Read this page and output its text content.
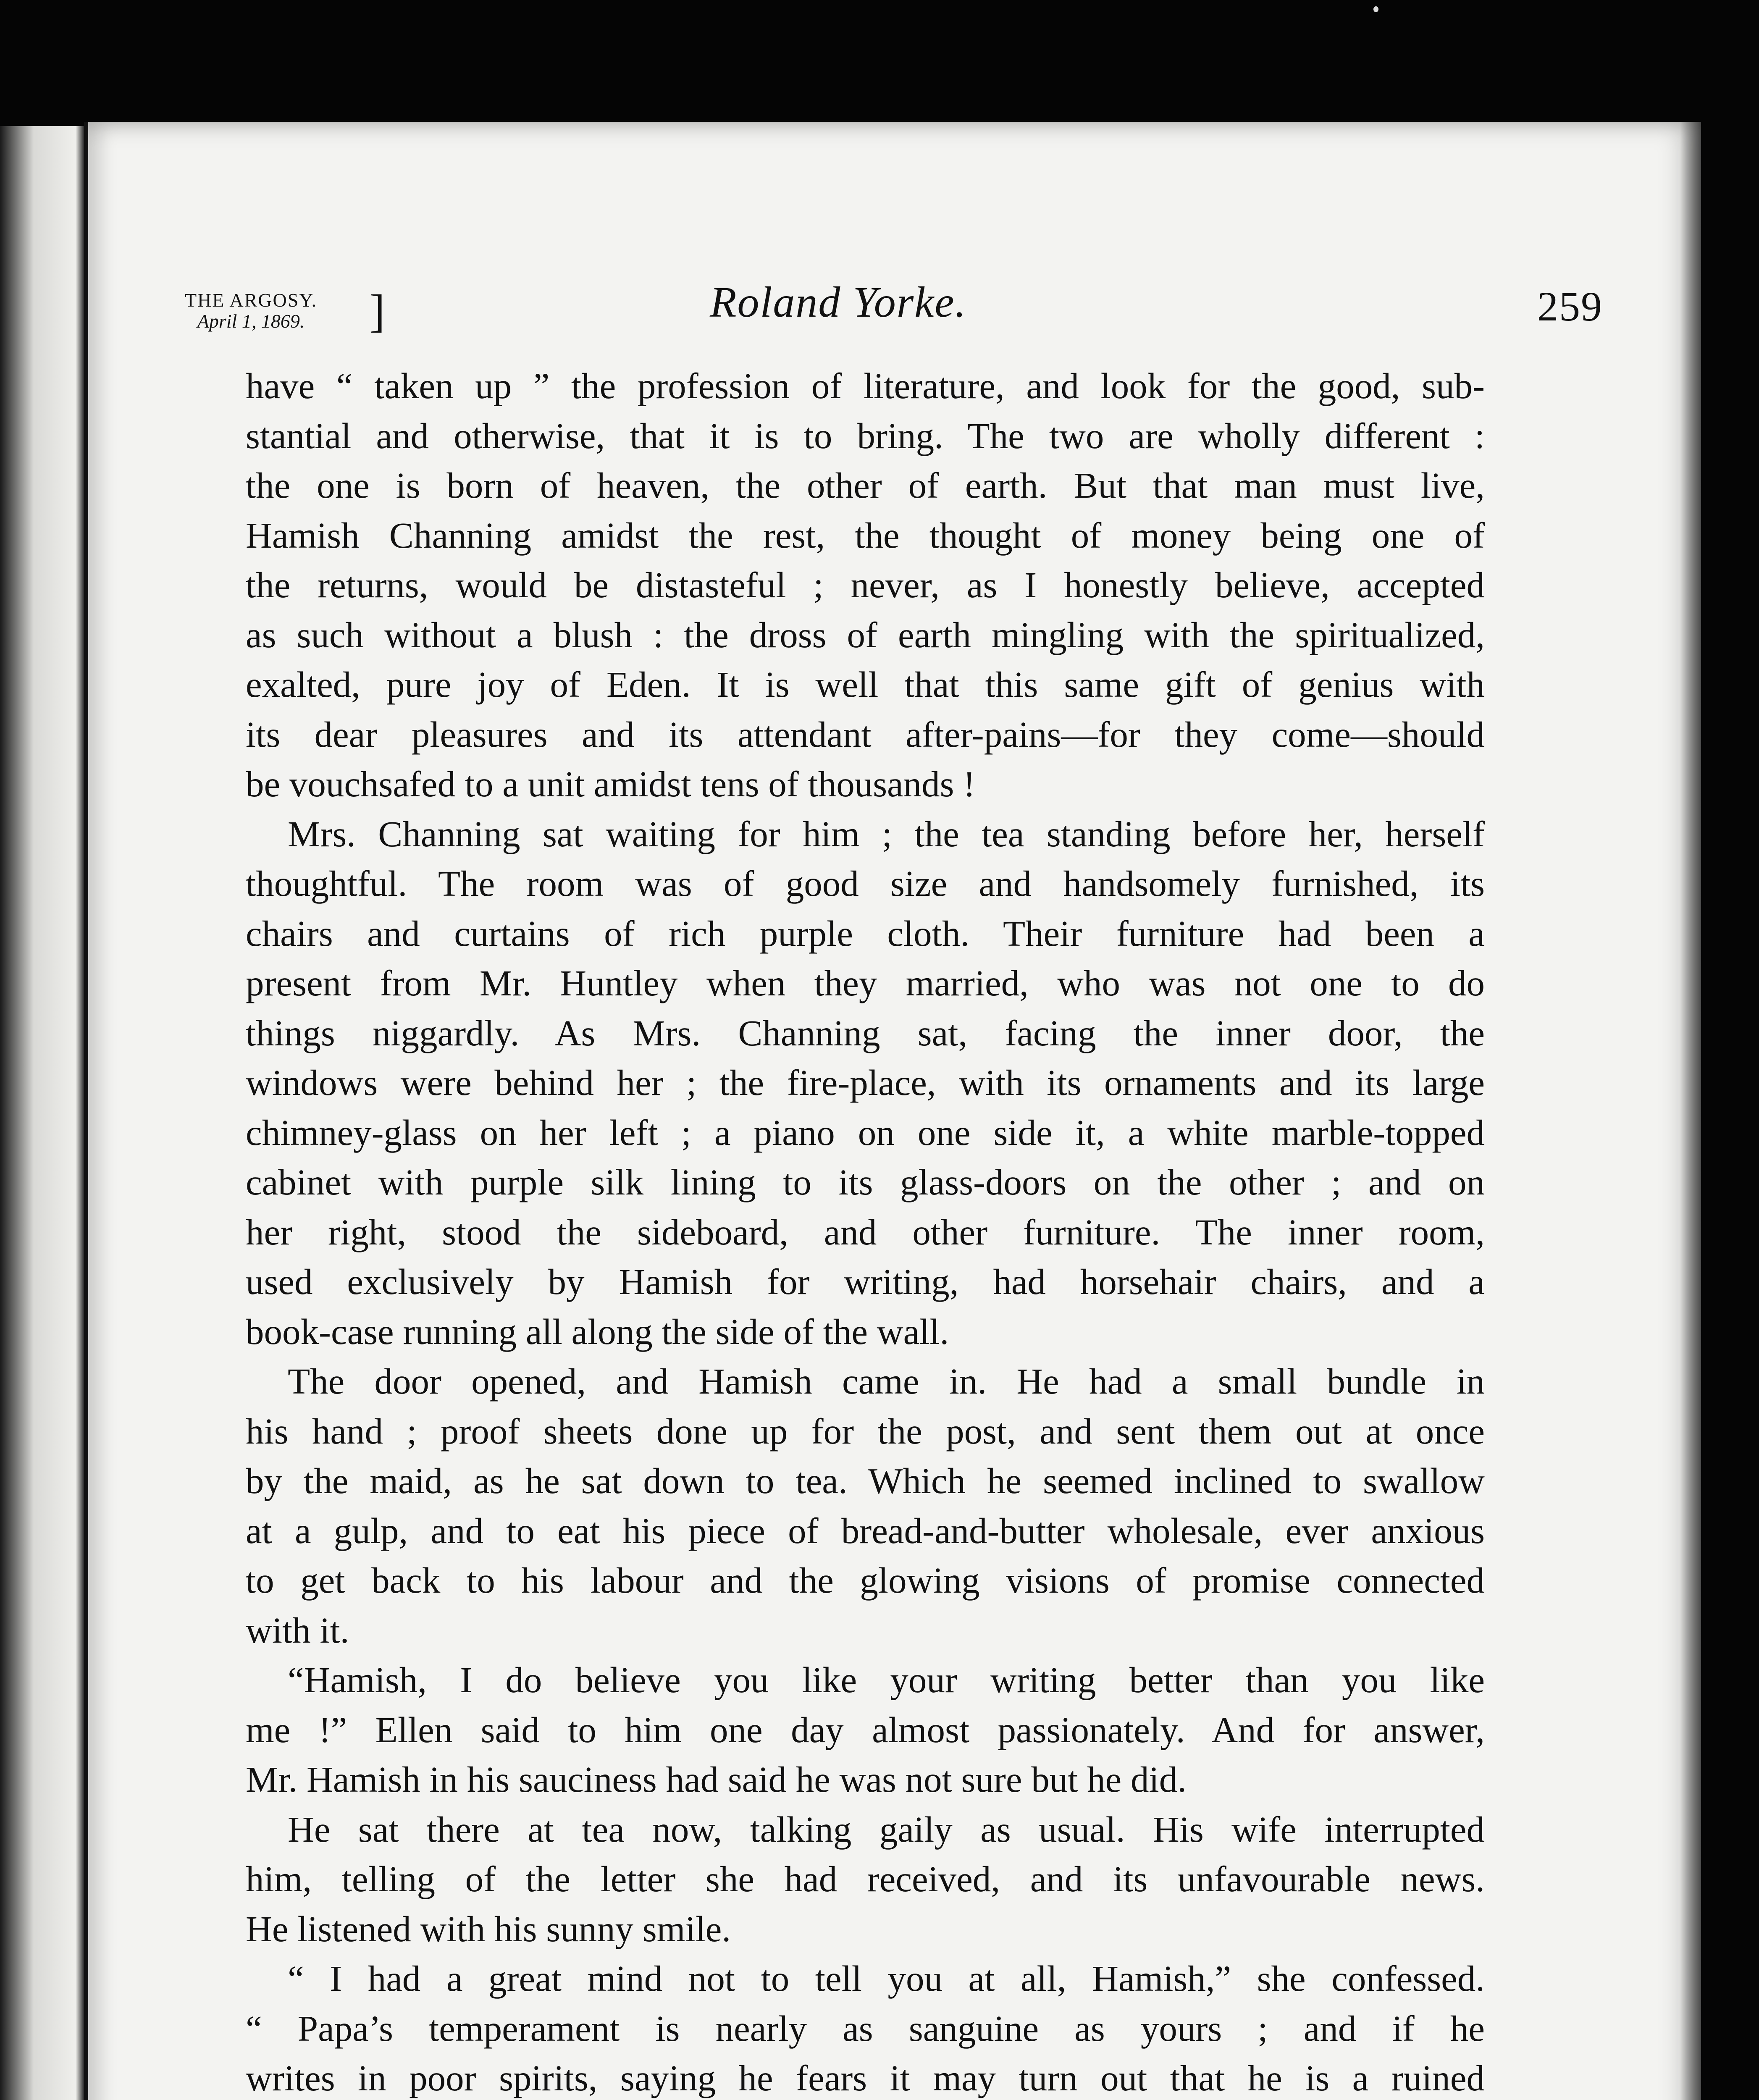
THE ARGOSY.
April 1, 1869. ]	Roland Yorke.	259
have “ taken up ” the profession of literature, and look for the good, sub-
stantial and otherwise, that it is to bring. The two are wholly different :
the one is born of heaven, the other of earth. But that man must live,
Hamish Channing amidst the rest, the thought of money being one of
the returns, would be distasteful ; never, as I honestly believe, accepted
as such without a blush : the dross of earth mingling with the spiritualized,
exalted, pure joy of Eden. It is well that this same gift of genius with
its dear pleasures and its attendant after-pains—for they come—should
be vouchsafed to a unit amidst tens of thousands !
Mrs. Channing sat waiting for him ; the tea standing before her, herself
thoughtful. The room was of good size and handsomely furnished, its
chairs and curtains of rich purple cloth. Their furniture had been a
present from Mr. Huntley when they married, who was not one to do
things niggardly. As Mrs. Channing sat, facing the inner door, the
windows were behind her ; the fire-place, with its ornaments and its large
chimney-glass on her left ; a piano on one side it, a white marble-topped
cabinet with purple silk lining to its glass-doors on the other ; and on
her right, stood the sideboard, and other furniture. The inner room,
used exclusively by Hamish for writing, had horsehair chairs, and a
book-case running all along the side of the wall.
The door opened, and Hamish came in. He had a small bundle in
his hand ; proof sheets done up for the post, and sent them out at once
by the maid, as he sat down to tea. Which he seemed inclined to swallow
at a gulp, and to eat his piece of bread-and-butter wholesale, ever anxious
to get back to his labour and the glowing visions of promise connected
with it.
“Hamish, I do believe you like your writing better than you like
me !” Ellen said to him one day almost passionately. And for answer,
Mr. Hamish in his sauciness had said he was not sure but he did.
He sat there at tea now, talking gaily as usual. His wife interrupted
him, telling of the letter she had received, and its unfavourable news.
He listened with his sunny smile.
“ I had a great mind not to tell you at all, Hamish,” she confessed.
“ Papa’s temperament is nearly as sanguine as yours ; and if he
writes in poor spirits, saying he fears it may turn out that he is a ruined
